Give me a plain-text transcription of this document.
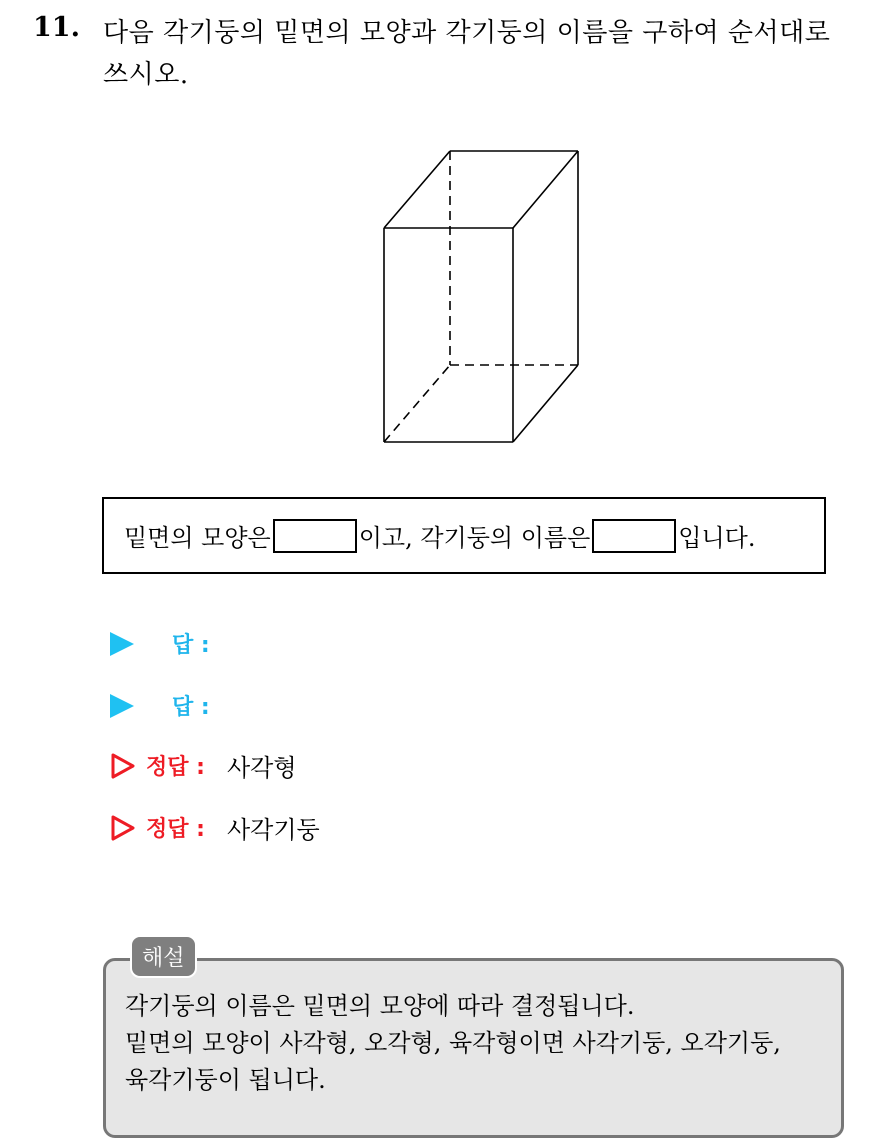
11. 다음 각기둥의 밑면의 모양과 각기둥의 이름을 구하여 순서대로
쓰시오.
밑면의 모양은	이고, 각기둥의 이름은	입니다.
답 :
답 :
정답 : 사각형
정답 : 사각기둥
해설
각기둥의 이름은 밑면의 모양에 따라 결정됩니다.
밑면의 모양이 사각형, 오각형, 육각형이면 사각기둥, 오각기둥,
육각기둥이 됩니다.
